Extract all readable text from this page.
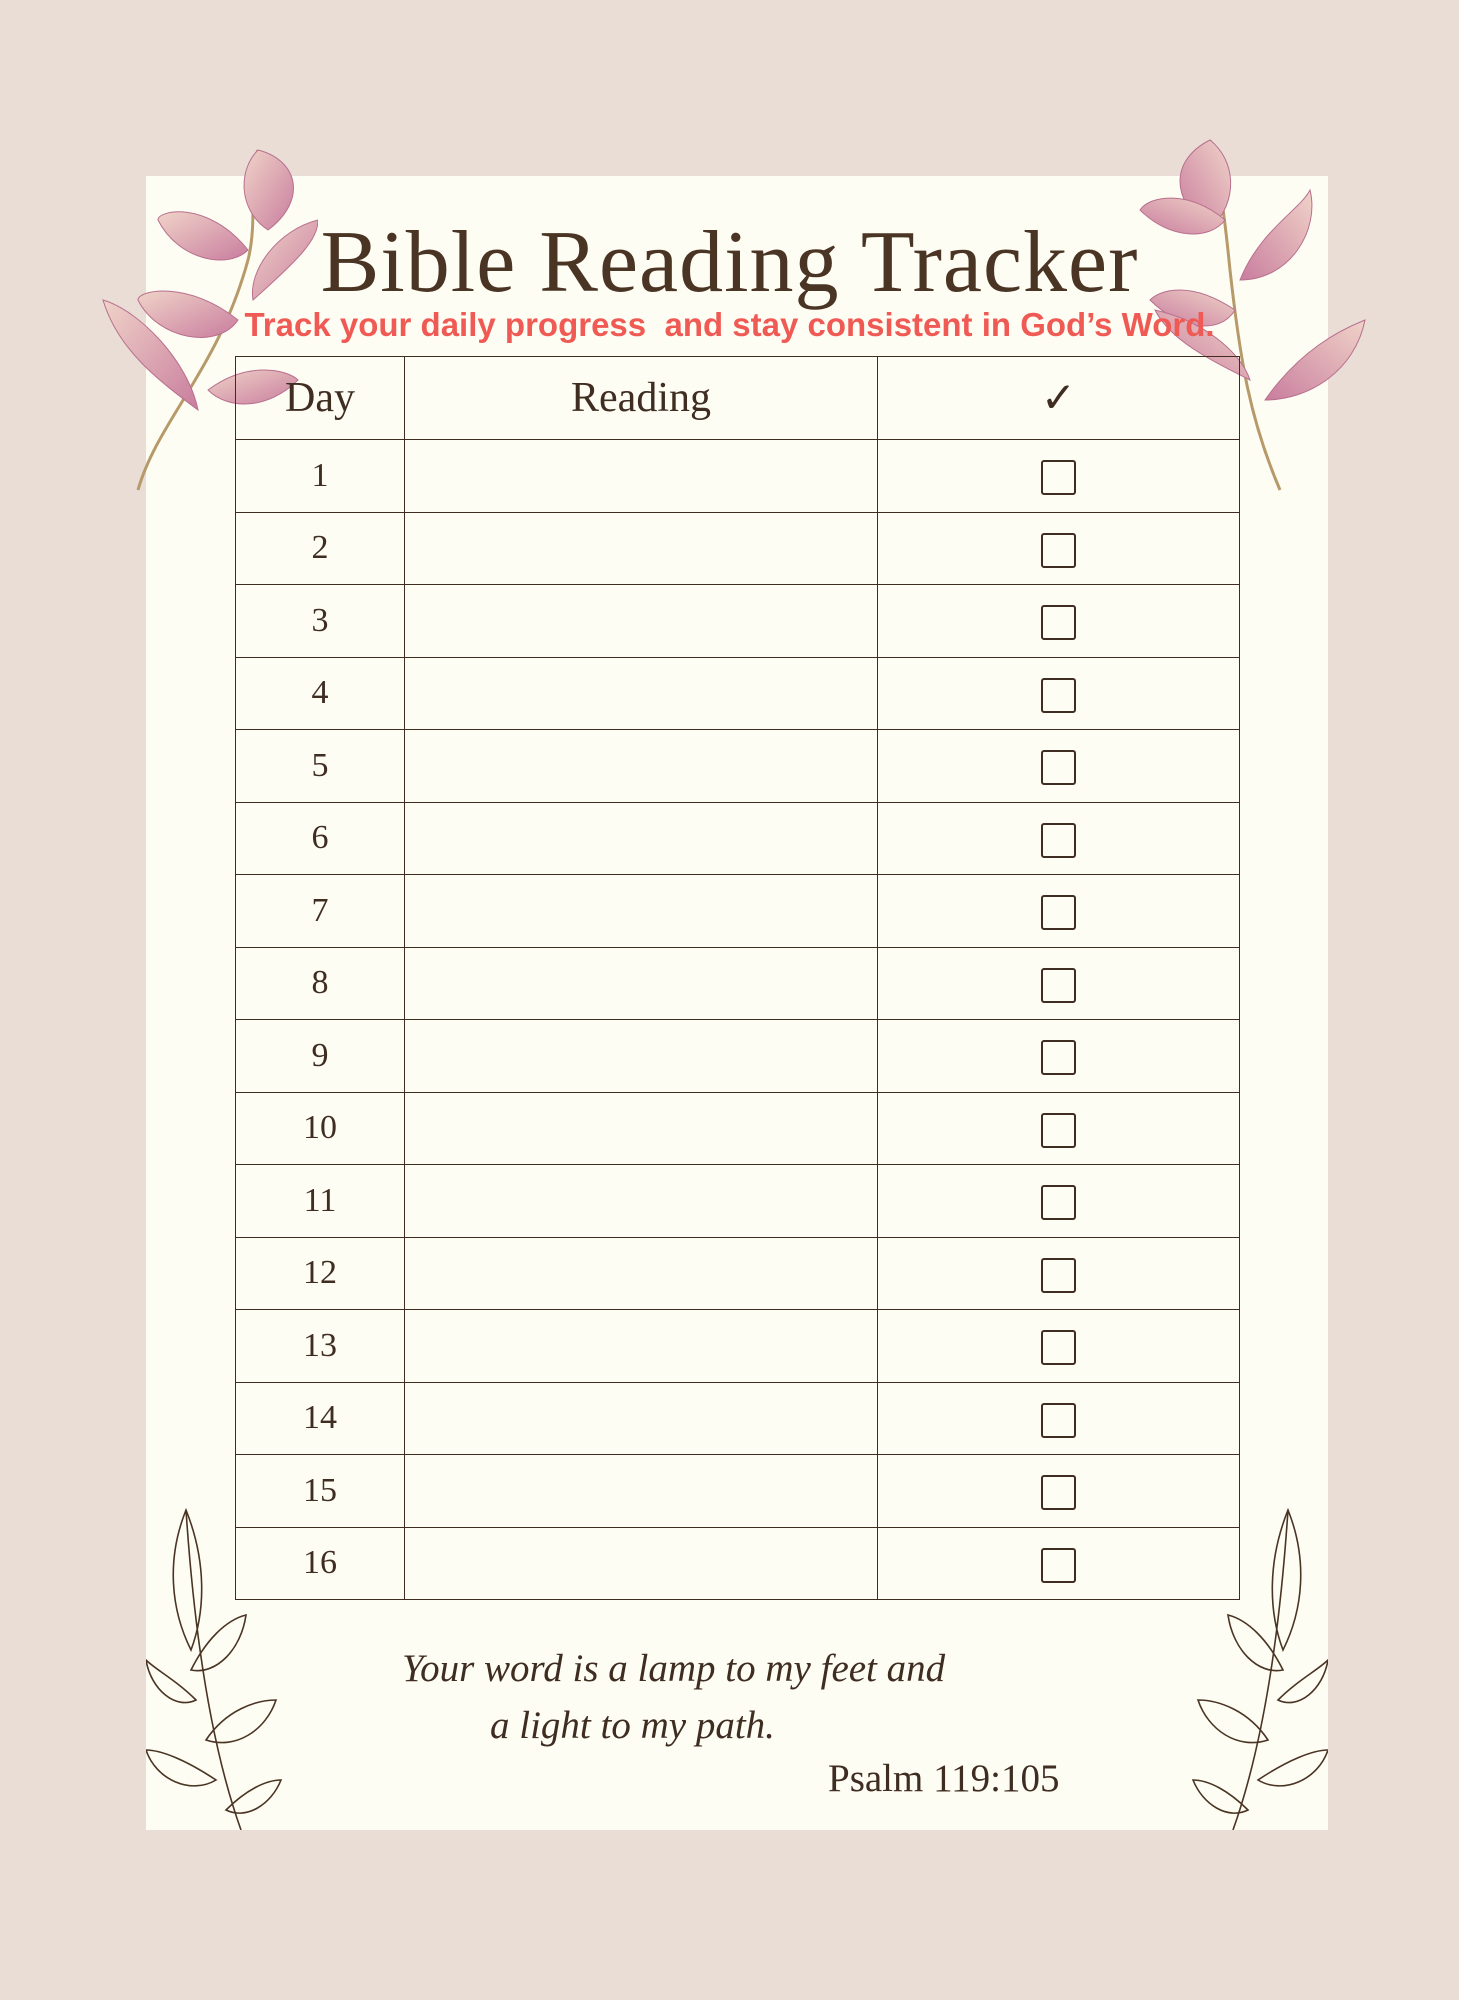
Bible Reading Tracker
Track your daily progress  and stay consistent in God’s Word.
Day	Reading	✓
1		
2		
3		
4		
5		
6		
7		
8		
9		
10		
11		
12		
13		
14		
15		
16		
Your word is a lamp to my feet and
a light to my path.
Psalm 119:105
